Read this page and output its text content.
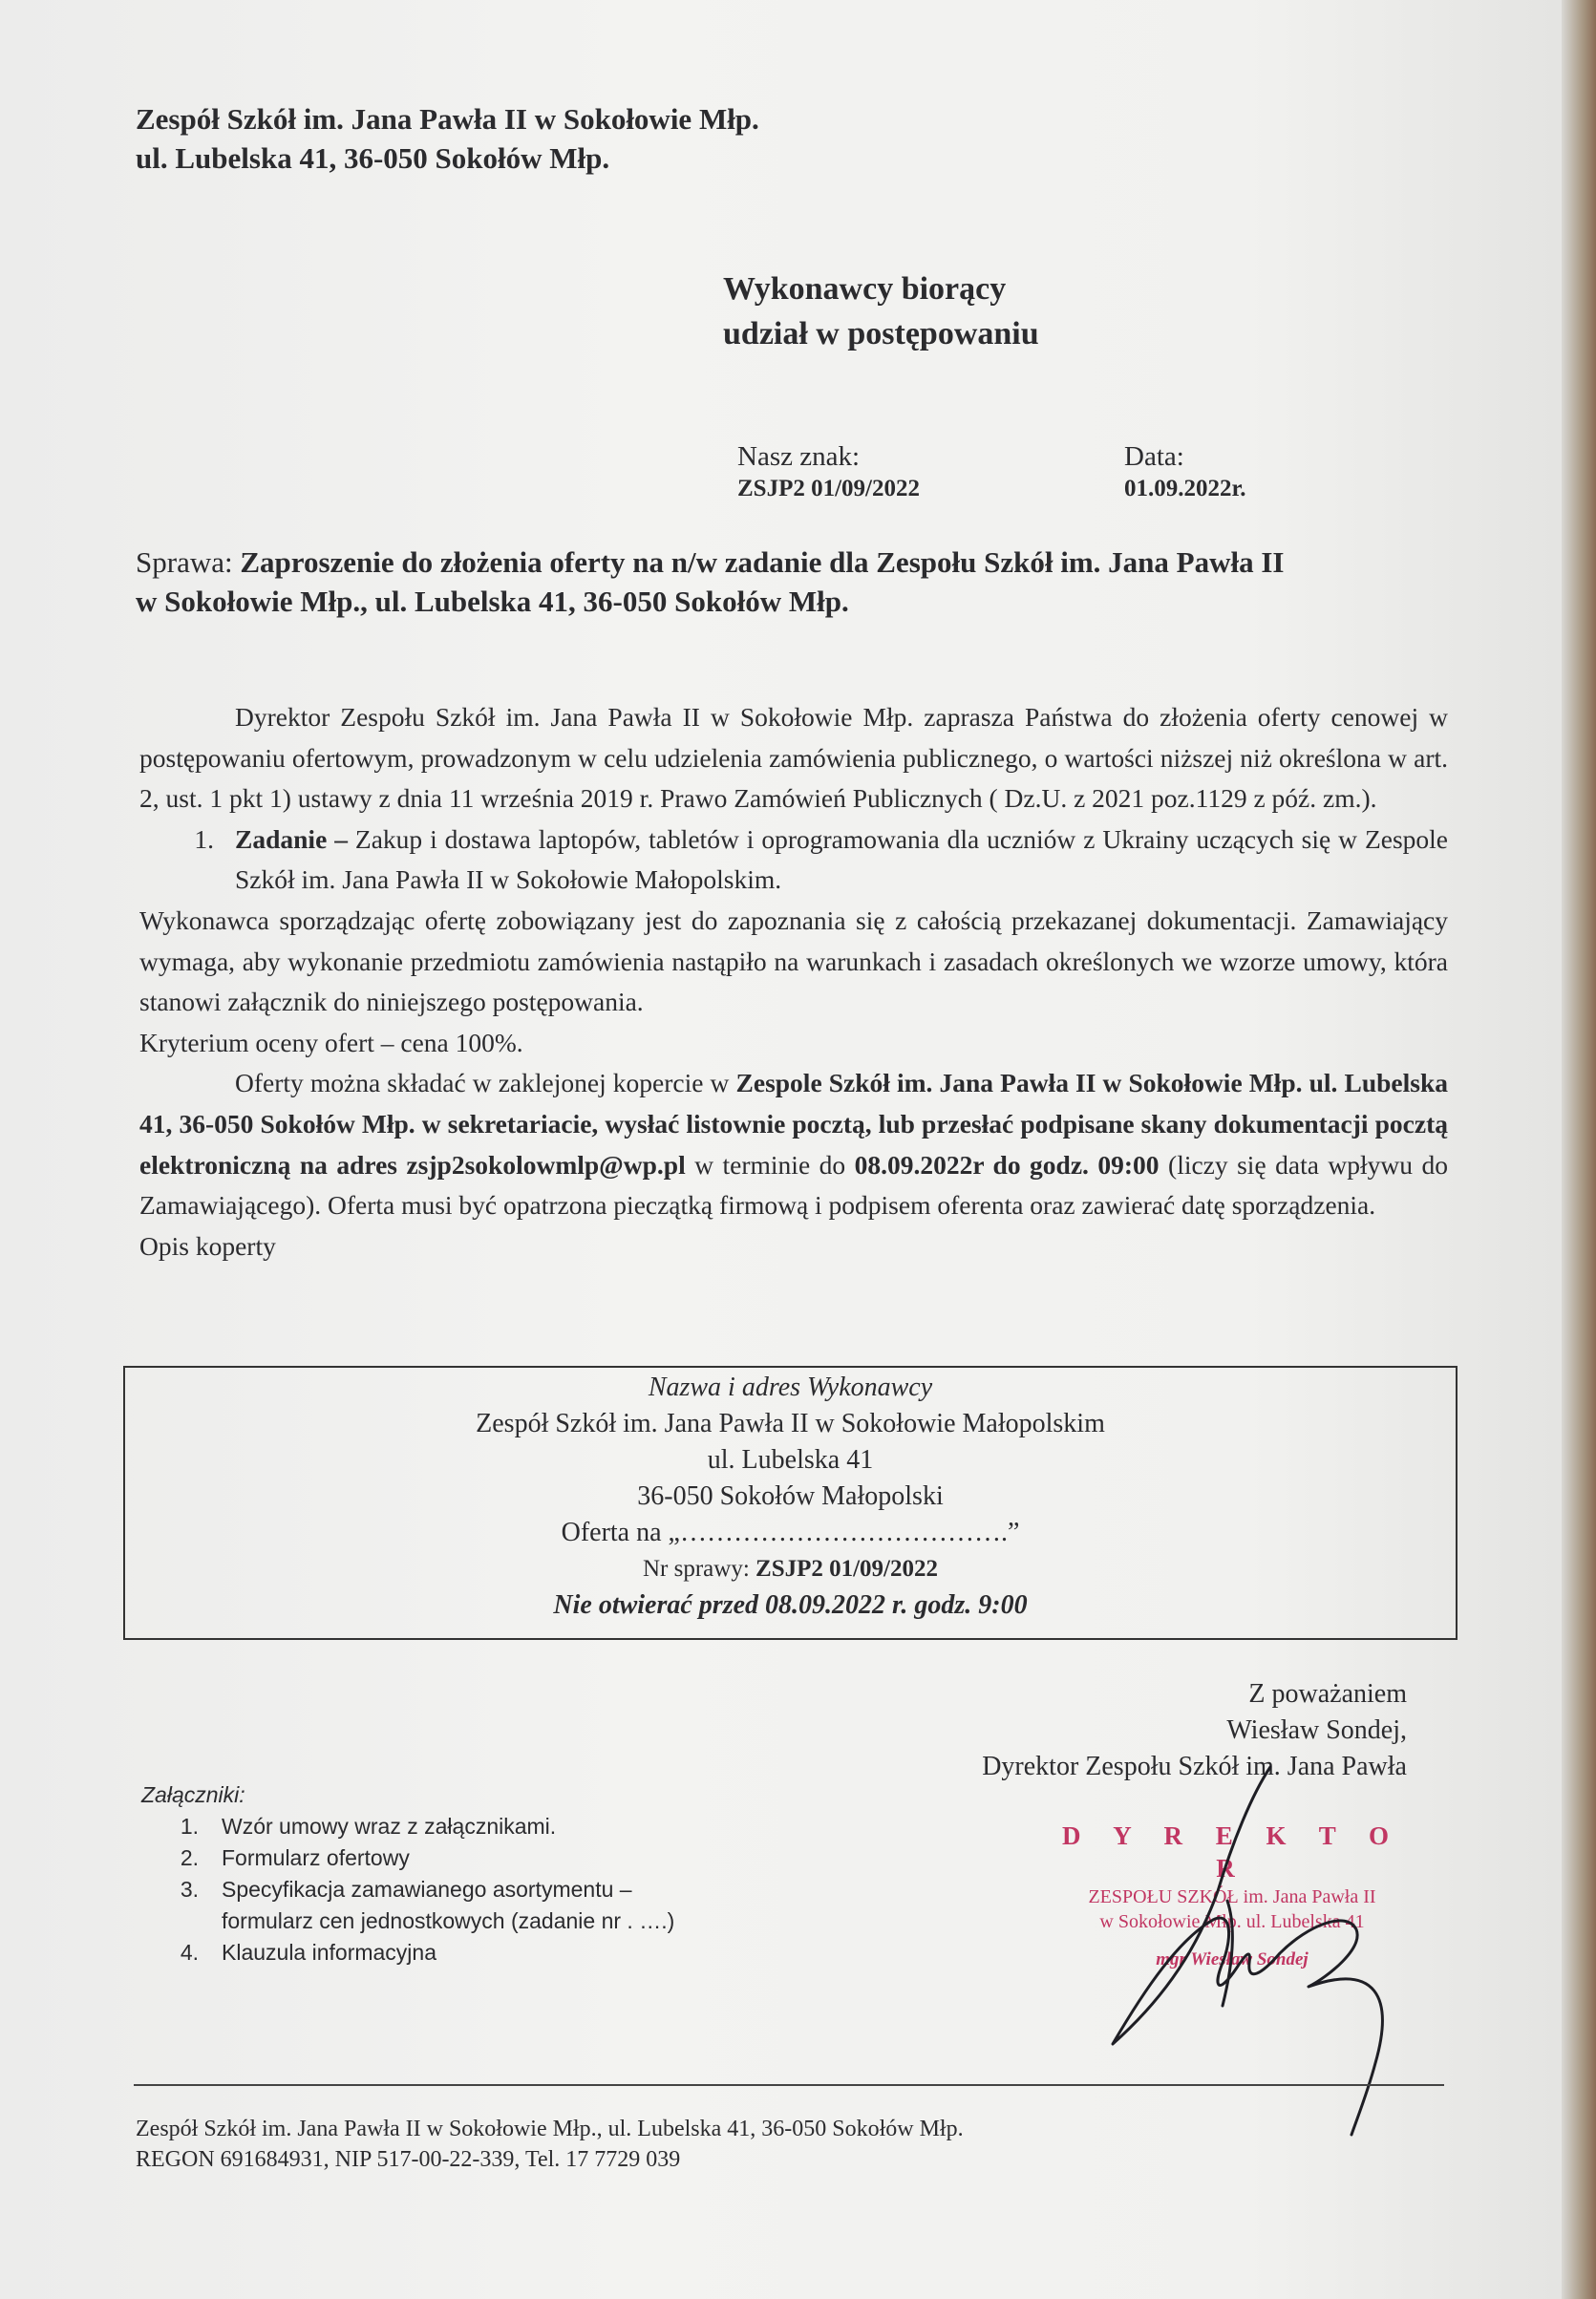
Zespół Szkół im. Jana Pawła II w Sokołowie Młp.
ul. Lubelska 41, 36-050 Sokołów Młp.
Wykonawcy biorący
udział w postępowaniu
Nasz znak:
ZSJP2 01/09/2022
Data:
01.09.2022r.
Sprawa: Zaproszenie do złożenia oferty na n/w zadanie dla Zespołu Szkół im. Jana Pawła II
w Sokołowie Młp., ul. Lubelska 41, 36-050 Sokołów Młp.

Dyrektor Zespołu Szkół im. Jana Pawła II w Sokołowie Młp. zaprasza Państwa do złożenia oferty cenowej w postępowaniu ofertowym, prowadzonym w celu udzielenia zamówienia publicznego, o wartości niższej niż określona w art. 2, ust. 1 pkt 1) ustawy z dnia 11 września 2019 r. Prawo Zamówień Publicznych ( Dz.U. z 2021 poz.1129 z póź. zm.).

1. Zadanie – Zakup i dostawa laptopów, tabletów i oprogramowania dla uczniów z Ukrainy uczących się w Zespole Szkół im. Jana Pawła II w Sokołowie Małopolskim.

Wykonawca sporządzając ofertę zobowiązany jest do zapoznania się z całością przekazanej dokumentacji. Zamawiający wymaga, aby wykonanie przedmiotu zamówienia nastąpiło na warunkach i zasadach określonych we wzorze umowy, która stanowi załącznik do niniejszego postępowania.

Kryterium oceny ofert – cena 100%.

Oferty można składać w zaklejonej kopercie w Zespole Szkół im. Jana Pawła II w Sokołowie Młp. ul. Lubelska 41, 36-050 Sokołów Młp. w sekretariacie, wysłać listownie pocztą, lub przesłać podpisane skany dokumentacji pocztą elektroniczną na adres zsjp2sokolowmlp@wp.pl w terminie do 08.09.2022r do godz. 09:00 (liczy się data wpływu do Zamawiającego). Oferta musi być opatrzona pieczątką firmową i podpisem oferenta oraz zawierać datę sporządzenia.

Opis koperty

Nazwa i adres Wykonawcy
Zespół Szkół im. Jana Pawła II w Sokołowie Małopolskim
ul. Lubelska 41
36-050 Sokołów Małopolski
Oferta na „……………………………….”
Nr sprawy: ZSJP2 01/09/2022
Nie otwierać przed 08.09.2022 r. godz. 9:00
Z poważaniem
Wiesław Sondej,
Dyrektor Zespołu Szkół im. Jana Pawła
Załączniki:
1.	Wzór umowy wraz z załącznikami.
2.	Formularz ofertowy
3.	Specyfikacja zamawianego asortymentu –
formularz cen jednostkowych (zadanie nr . ….)
4.	Klauzula informacyjna
D Y R E K T O R
ZESPOŁU SZKÓŁ im. Jana Pawła II
w Sokołowie Młp. ul. Lubelska 41
mgr Wiesław Sondej
Zespół Szkół im. Jana Pawła II w Sokołowie Młp., ul. Lubelska 41, 36-050 Sokołów Młp.
REGON 691684931, NIP 517-00-22-339, Tel. 17 7729 039
